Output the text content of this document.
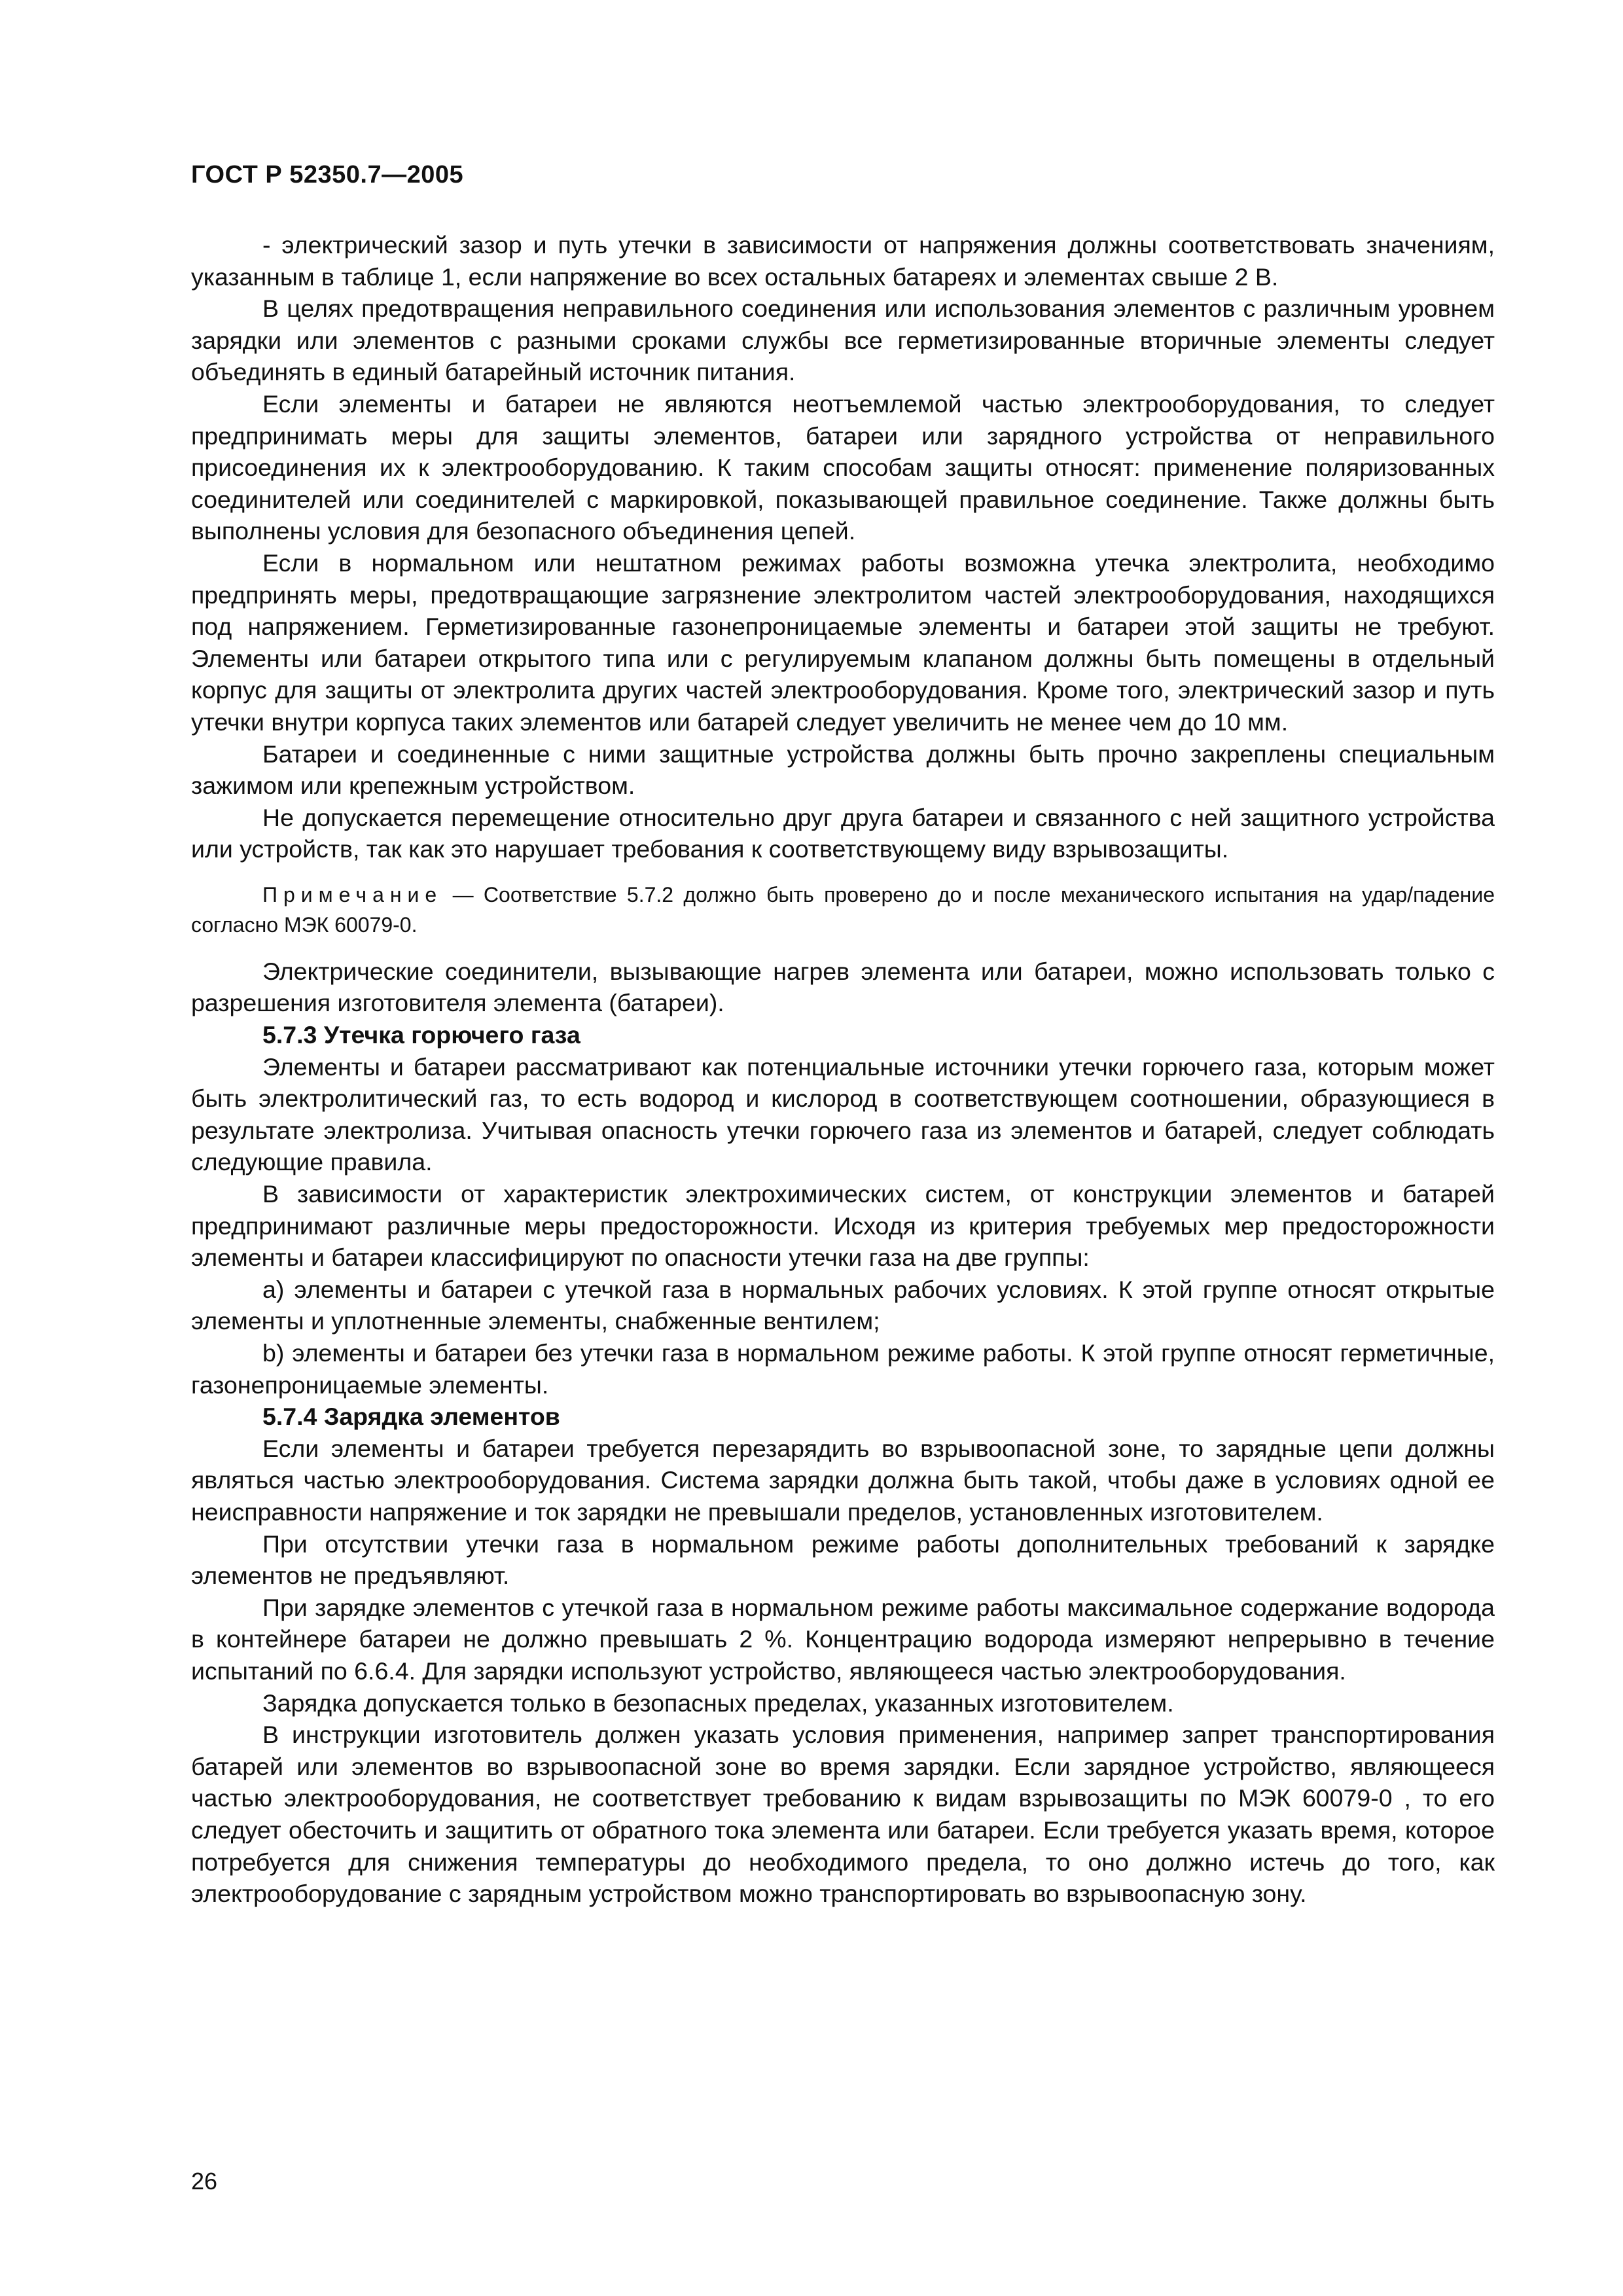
ГОСТ Р 52350.7—2005

- электрический зазор и путь утечки в зависимости от напряжения должны соответствовать значениям, указанным в таблице 1, если напряжение во всех остальных батареях и элементах свыше 2 В.

В целях предотвращения неправильного соединения или использования элементов с различным уровнем зарядки или элементов с разными сроками службы все герметизированные вторичные элементы следует объединять в единый батарейный источник питания.

Если элементы и батареи не являются неотъемлемой частью электрооборудования, то следует предпринимать меры для защиты элементов, батареи или зарядного устройства от неправильного присоединения их к электрооборудованию. К таким способам защиты относят: применение поляризованных соединителей или соединителей с маркировкой, показывающей правильное соединение. Также должны быть выполнены условия для безопасного объединения цепей.

Если в нормальном или нештатном режимах работы возможна утечка электролита, необходимо предпринять меры, предотвращающие загрязнение электролитом частей электрооборудования, находящихся под напряжением. Герметизированные газонепроницаемые элементы и батареи этой защиты не требуют. Элементы или батареи открытого типа или с регулируемым клапаном должны быть помещены в отдельный корпус для защиты от электролита других частей электрооборудования. Кроме того, электрический зазор и путь утечки внутри корпуса таких элементов или батарей следует увеличить не менее чем до 10 мм.

Батареи и соединенные с ними защитные устройства должны быть прочно закреплены специальным зажимом или крепежным устройством.

Не допускается перемещение относительно друг друга батареи и связанного с ней защитного устройства или устройств, так как это нарушает требования к соответствующему виду взрывозащиты.

Примечание — Соответствие 5.7.2 должно быть проверено до и после механического испытания на удар/падение согласно МЭК 60079-0.

Электрические соединители, вызывающие нагрев элемента или батареи, можно использовать только с разрешения изготовителя элемента (батареи).

5.7.3 Утечка горючего газа

Элементы и батареи рассматривают как потенциальные источники утечки горючего газа, которым может быть электролитический газ, то есть водород и кислород в соответствующем соотношении, образующиеся в результате электролиза. Учитывая опасность утечки горючего газа из элементов и батарей, следует соблюдать следующие правила.

В зависимости от характеристик электрохимических систем, от конструкции элементов и батарей предпринимают различные меры предосторожности. Исходя из критерия требуемых мер предосторожности элементы и батареи классифицируют по опасности утечки газа на две группы:

a) элементы и батареи с утечкой газа в нормальных рабочих условиях. К этой группе относят открытые элементы и уплотненные элементы, снабженные вентилем;

b) элементы и батареи без утечки газа в нормальном режиме работы. К этой группе относят герметичные, газонепроницаемые элементы.

5.7.4 Зарядка элементов

Если элементы и батареи требуется перезарядить во взрывоопасной зоне, то зарядные цепи должны являться частью электрооборудования. Система зарядки должна быть такой, чтобы даже в условиях одной ее неисправности напряжение и ток зарядки не превышали пределов, установленных изготовителем.

При отсутствии утечки газа в нормальном режиме работы дополнительных требований к зарядке элементов не предъявляют.

При зарядке элементов с утечкой газа в нормальном режиме работы максимальное содержание водорода в контейнере батареи не должно превышать 2 %. Концентрацию водорода измеряют непрерывно в течение испытаний по 6.6.4. Для зарядки используют устройство, являющееся частью электрооборудования.

Зарядка допускается только в безопасных пределах, указанных изготовителем.

В инструкции изготовитель должен указать условия применения, например запрет транспортирования батарей или элементов во взрывоопасной зоне во время зарядки. Если зарядное устройство, являющееся частью электрооборудования, не соответствует требованию к видам взрывозащиты по МЭК 60079-0 , то его следует обесточить и защитить от обратного тока элемента или батареи. Если требуется указать время, которое потребуется для снижения температуры до необходимого предела, то оно должно истечь до того, как электрооборудование с зарядным устройством можно транспортировать во взрывоопасную зону.

26
